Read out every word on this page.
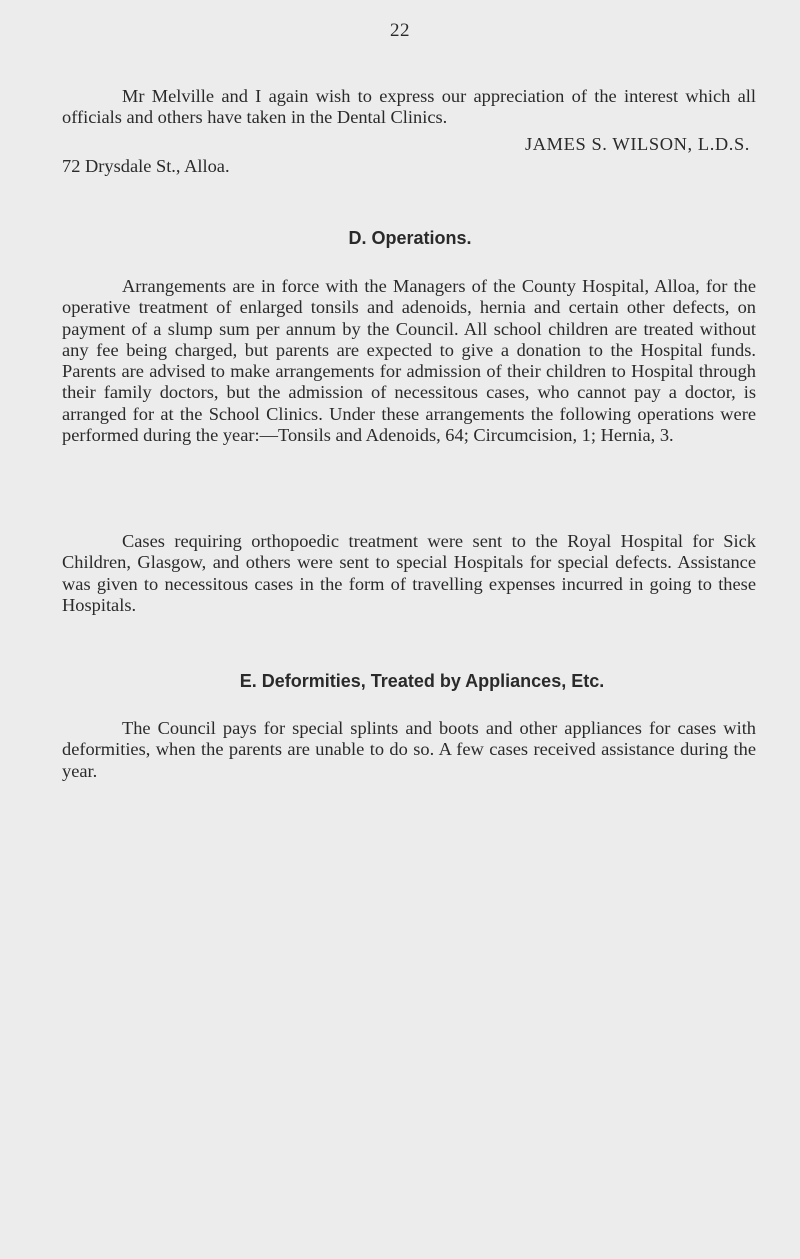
22

Mr Melville and I again wish to express our appreciation of the interest which all officials and others have taken in the Dental Clinics.

JAMES S. WILSON, L.D.S.
72 Drysdale St., Alloa.
D. Operations.

Arrangements are in force with the Managers of the County Hospital, Alloa, for the operative treatment of enlarged tonsils and adenoids, hernia and certain other defects, on payment of a slump sum per annum by the Council. All school children are treated without any fee being charged, but parents are expected to give a donation to the Hospital funds. Parents are advised to make arrangements for admission of their children to Hospital through their family doctors, but the admission of necessitous cases, who cannot pay a doctor, is arranged for at the School Clinics. Under these arrangements the following operations were performed during the year:—Tonsils and Adenoids, 64; Circumcision, 1; Hernia, 3.

Cases requiring orthopoedic treatment were sent to the Royal Hospital for Sick Children, Glasgow, and others were sent to special Hospitals for special defects. Assistance was given to necessitous cases in the form of travelling expenses incurred in going to these Hospitals.

E. Deformities, Treated by Appliances, Etc.

The Council pays for special splints and boots and other appliances for cases with deformities, when the parents are unable to do so. A few cases received assistance during the year.
